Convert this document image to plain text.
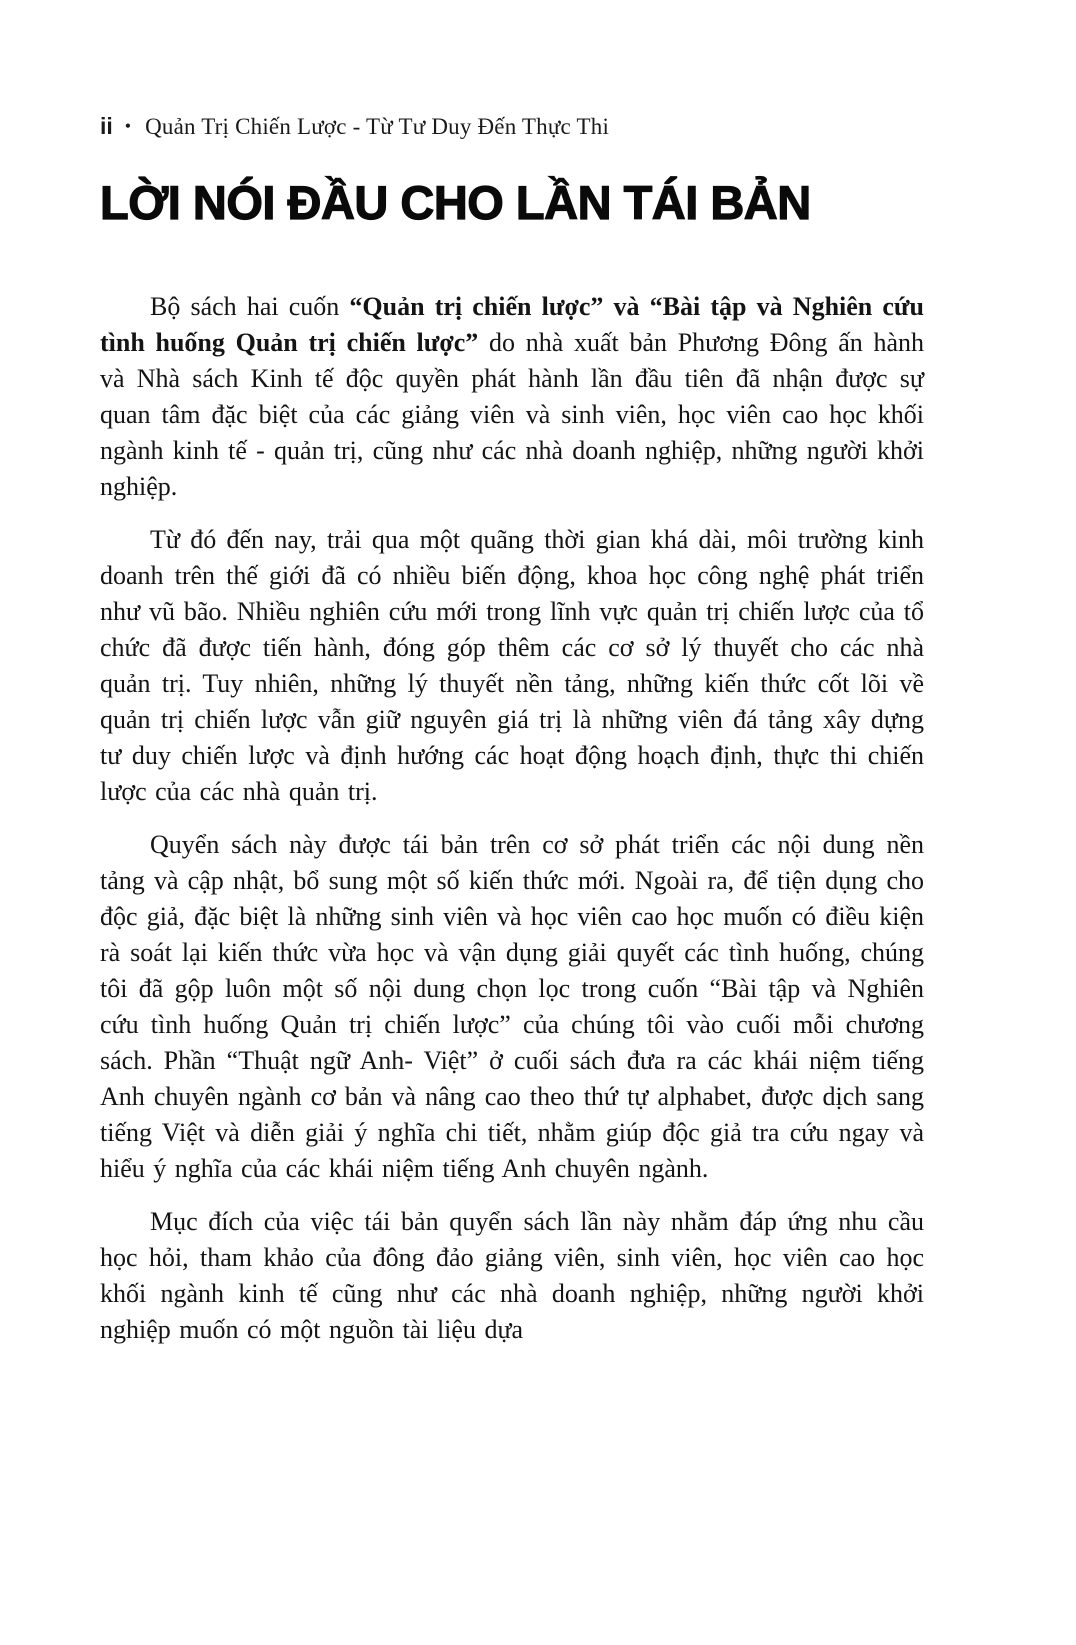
ii • Quản Trị Chiến Lược - Từ Tư Duy Đến Thực Thi
LỜI NÓI ĐẦU CHO LẦN TÁI BẢN

Bộ sách hai cuốn “Quản trị chiến lược” và “Bài tập và Nghiên cứu tình huống Quản trị chiến lược” do nhà xuất bản Phương Đông ấn hành và Nhà sách Kinh tế độc quyền phát hành lần đầu tiên đã nhận được sự quan tâm đặc biệt của các giảng viên và sinh viên, học viên cao học khối ngành kinh tế - quản trị, cũng như các nhà doanh nghiệp, những người khởi nghiệp.

Từ đó đến nay, trải qua một quãng thời gian khá dài, môi trường kinh doanh trên thế giới đã có nhiều biến động, khoa học công nghệ phát triển như vũ bão. Nhiều nghiên cứu mới trong lĩnh vực quản trị chiến lược của tổ chức đã được tiến hành, đóng góp thêm các cơ sở lý thuyết cho các nhà quản trị. Tuy nhiên, những lý thuyết nền tảng, những kiến thức cốt lõi về quản trị chiến lược vẫn giữ nguyên giá trị là những viên đá tảng xây dựng tư duy chiến lược và định hướng các hoạt động hoạch định, thực thi chiến lược của các nhà quản trị.

Quyển sách này được tái bản trên cơ sở phát triển các nội dung nền tảng và cập nhật, bổ sung một số kiến thức mới. Ngoài ra, để tiện dụng cho độc giả, đặc biệt là những sinh viên và học viên cao học muốn có điều kiện rà soát lại kiến thức vừa học và vận dụng giải quyết các tình huống, chúng tôi đã gộp luôn một số nội dung chọn lọc trong cuốn “Bài tập và Nghiên cứu tình huống Quản trị chiến lược” của chúng tôi vào cuối mỗi chương sách. Phần “Thuật ngữ Anh- Việt” ở cuối sách đưa ra các khái niệm tiếng Anh chuyên ngành cơ bản và nâng cao theo thứ tự alphabet, được dịch sang tiếng Việt và diễn giải ý nghĩa chi tiết, nhằm giúp độc giả tra cứu ngay và hiểu ý nghĩa của các khái niệm tiếng Anh chuyên ngành.

Mục đích của việc tái bản quyển sách lần này nhằm đáp ứng nhu cầu học hỏi, tham khảo của đông đảo giảng viên, sinh viên, học viên cao học khối ngành kinh tế cũng như các nhà doanh nghiệp, những người khởi nghiệp muốn có một nguồn tài liệu dựa
